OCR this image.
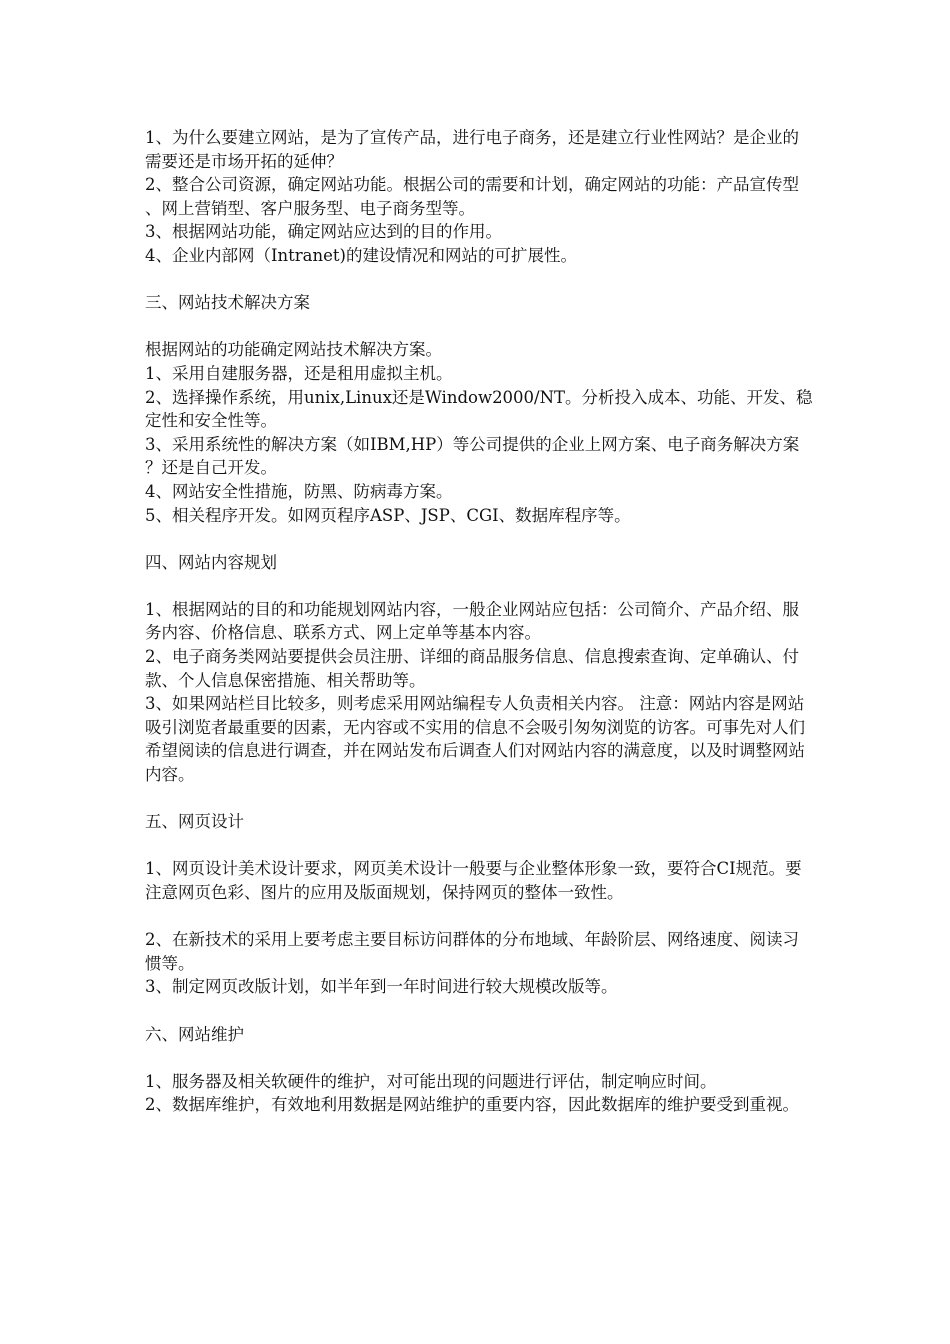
1、为什么要建立网站，是为了宣传产品，进行电子商务，还是建立行业性网站？是企业的需要还是市场开拓的延伸？

2、整合公司资源，确定网站功能。根据公司的需要和计划，确定网站的功能：产品宣传型、网上营销型、客户服务型、电子商务型等。

3、根据网站功能，确定网站应达到的目的作用。

4、企业内部网（Intranet)的建设情况和网站的可扩展性。

三、网站技术解决方案

根据网站的功能确定网站技术解决方案。

1、采用自建服务器，还是租用虚拟主机。

2、选择操作系统，用unix,Linux还是Window2000/NT。分析投入成本、功能、开发、稳定性和安全性等。

3、采用系统性的解决方案（如IBM,HP）等公司提供的企业上网方案、电子商务解决方案？还是自己开发。

4、网站安全性措施，防黑、防病毒方案。

5、相关程序开发。如网页程序ASP、JSP、CGI、数据库程序等。

四、网站内容规划

1、根据网站的目的和功能规划网站内容，一般企业网站应包括：公司简介、产品介绍、服务内容、价格信息、联系方式、网上定单等基本内容。

2、电子商务类网站要提供会员注册、详细的商品服务信息、信息搜索查询、定单确认、付款、个人信息保密措施、相关帮助等。

3、如果网站栏目比较多，则考虑采用网站编程专人负责相关内容。 注意：网站内容是网站吸引浏览者最重要的因素，无内容或不实用的信息不会吸引匆匆浏览的访客。可事先对人们希望阅读的信息进行调查，并在网站发布后调查人们对网站内容的满意度，以及时调整网站内容。

五、网页设计

1、网页设计美术设计要求，网页美术设计一般要与企业整体形象一致，要符合CI规范。要注意网页色彩、图片的应用及版面规划，保持网页的整体一致性。

2、在新技术的采用上要考虑主要目标访问群体的分布地域、年龄阶层、网络速度、阅读习惯等。

3、制定网页改版计划，如半年到一年时间进行较大规模改版等。

六、网站维护

1、服务器及相关软硬件的维护，对可能出现的问题进行评估，制定响应时间。

2、数据库维护，有效地利用数据是网站维护的重要内容，因此数据库的维护要受到重视。
